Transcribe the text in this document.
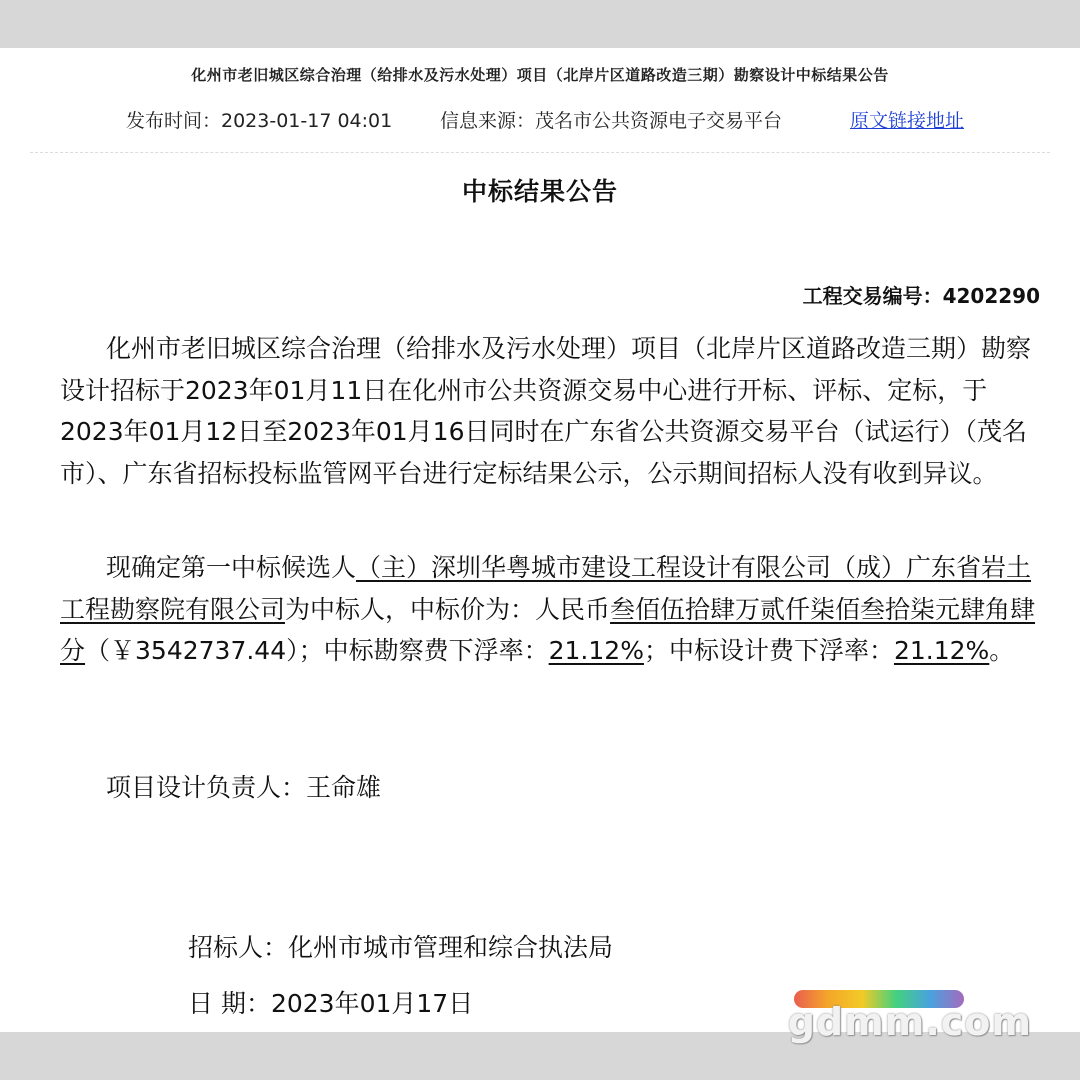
化州市老旧城区综合治理（给排水及污水处理）项目（北岸片区道路改造三期）勘察设计中标结果公告
发布时间：2023-01-17 04:01	信息来源：茂名市公共资源电子交易平台	原文链接地址
中标结果公告
工程交易编号：4202290
化州市老旧城区综合治理（给排水及污水处理）项目（北岸片区道路改造三期）勘察设计招标于2023年01月11日在化州市公共资源交易中心进行开标、评标、定标，于2023年01月12日至2023年01月16日同时在广东省公共资源交易平台（试运行）（茂名市）、广东省招标投标监管网平台进行定标结果公示，公示期间招标人没有收到异议。
现确定第一中标候选人（主）深圳华粤城市建设工程设计有限公司（成）广东省岩土工程勘察院有限公司为中标人，中标价为：人民币叁佰伍拾肆万贰仟柒佰叁拾柒元肆角肆分（￥3542737.44）；中标勘察费下浮率：21.12%；中标设计费下浮率：21.12%。
项目设计负责人：王命雄
招标人：化州市城市管理和综合执法局
日 期：2023年01月17日	gdmm.com
